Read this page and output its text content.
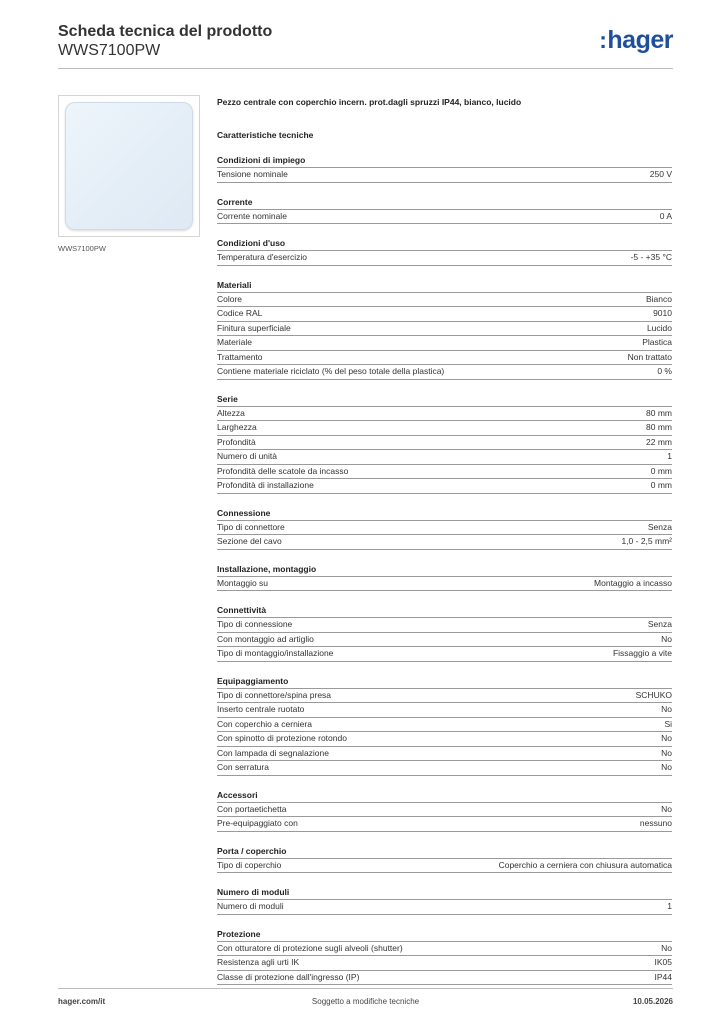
Scheda tecnica del prodotto
WWS7100PW	:hager
WWS7100PW
Pezzo centrale con coperchio incern. prot.dagli spruzzi IP44, bianco, lucido
Caratteristiche tecniche
Condizioni di impiego
Tensione nominale	250 V
Corrente
Corrente nominale	0 A
Condizioni d'uso
Temperatura d'esercizio	-5 - +35 °C
Materiali
Colore	Bianco
Codice RAL	9010
Finitura superficiale	Lucido
Materiale	Plastica
Trattamento	Non trattato
Contiene materiale riciclato (% del peso totale della plastica)	0 %
Serie
Altezza	80 mm
Larghezza	80 mm
Profondità	22 mm
Numero di unità	1
Profondità delle scatole da incasso	0 mm
Profondità di installazione	0 mm
Connessione
Tipo di connettore	Senza
Sezione del cavo	1,0 - 2,5 mm²
Installazione, montaggio
Montaggio su	Montaggio a incasso
Connettività
Tipo di connessione	Senza
Con montaggio ad artiglio	No
Tipo di montaggio/installazione	Fissaggio a vite
Equipaggiamento
Tipo di connettore/spina presa	SCHUKO
Inserto centrale ruotato	No
Con coperchio a cerniera	Si
Con spinotto di protezione rotondo	No
Con lampada di segnalazione	No
Con serratura	No
Accessori
Con portaetichetta	No
Pre-equipaggiato con	nessuno
Porta / coperchio
Tipo di coperchio	Coperchio a cerniera con chiusura automatica
Numero di moduli
Numero di moduli	1
Protezione
Con otturatore di protezione sugli alveoli (shutter)	No
Resistenza agli urti IK	IK05
Classe di protezione dall'ingresso (IP)	IP44
hager.com/it	Soggetto a modifiche tecniche	10.05.2026
